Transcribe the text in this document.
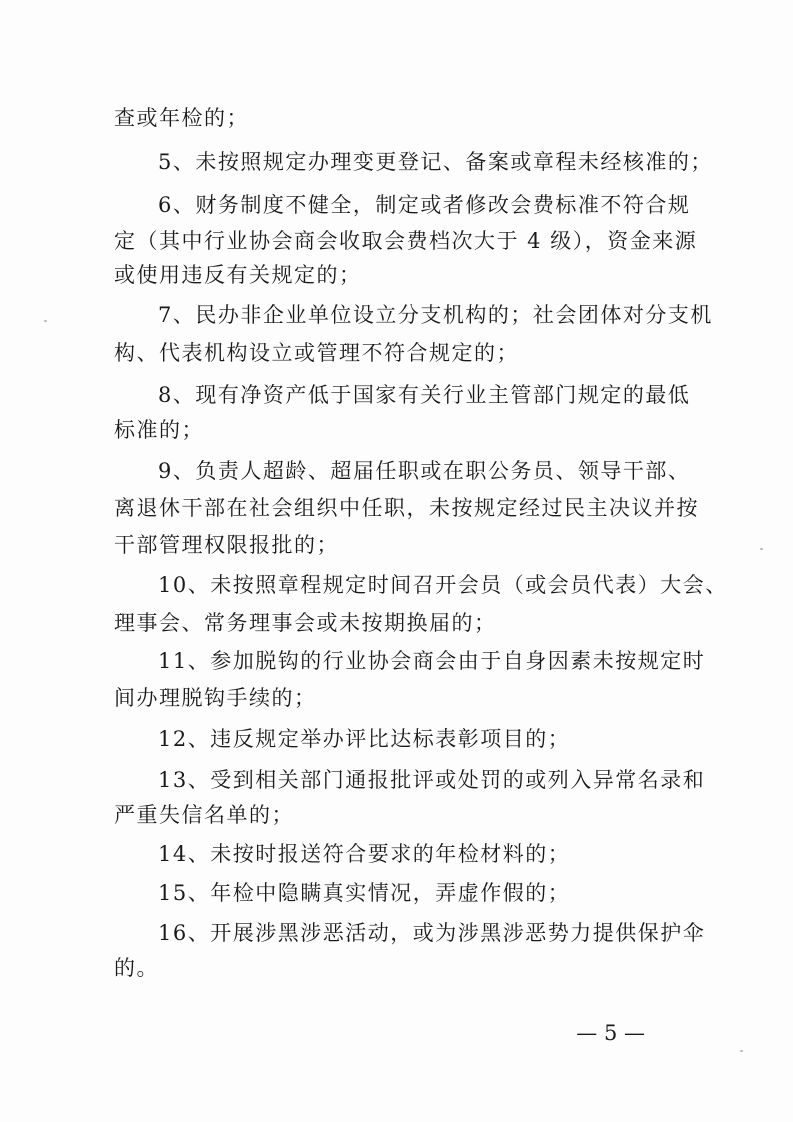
查或年检的；
5、未按照规定办理变更登记、备案或章程未经核准的；
6、财务制度不健全，制定或者修改会费标准不符合规
定（其中行业协会商会收取会费档次大于 4 级），资金来源
或使用违反有关规定的；
7、民办非企业单位设立分支机构的；社会团体对分支机
构、代表机构设立或管理不符合规定的；
8、现有净资产低于国家有关行业主管部门规定的最低
标准的；
9、负责人超龄、超届任职或在职公务员、领导干部、
离退休干部在社会组织中任职，未按规定经过民主决议并按
干部管理权限报批的；
10、未按照章程规定时间召开会员（或会员代表）大会、
理事会、常务理事会或未按期换届的；
11、参加脱钩的行业协会商会由于自身因素未按规定时
间办理脱钩手续的；
12、违反规定举办评比达标表彰项目的；
13、受到相关部门通报批评或处罚的或列入异常名录和
严重失信名单的；
14、未按时报送符合要求的年检材料的；
15、年检中隐瞒真实情况，弄虚作假的；
16、开展涉黑涉恶活动，或为涉黑涉恶势力提供保护伞
的。
— 5 —
